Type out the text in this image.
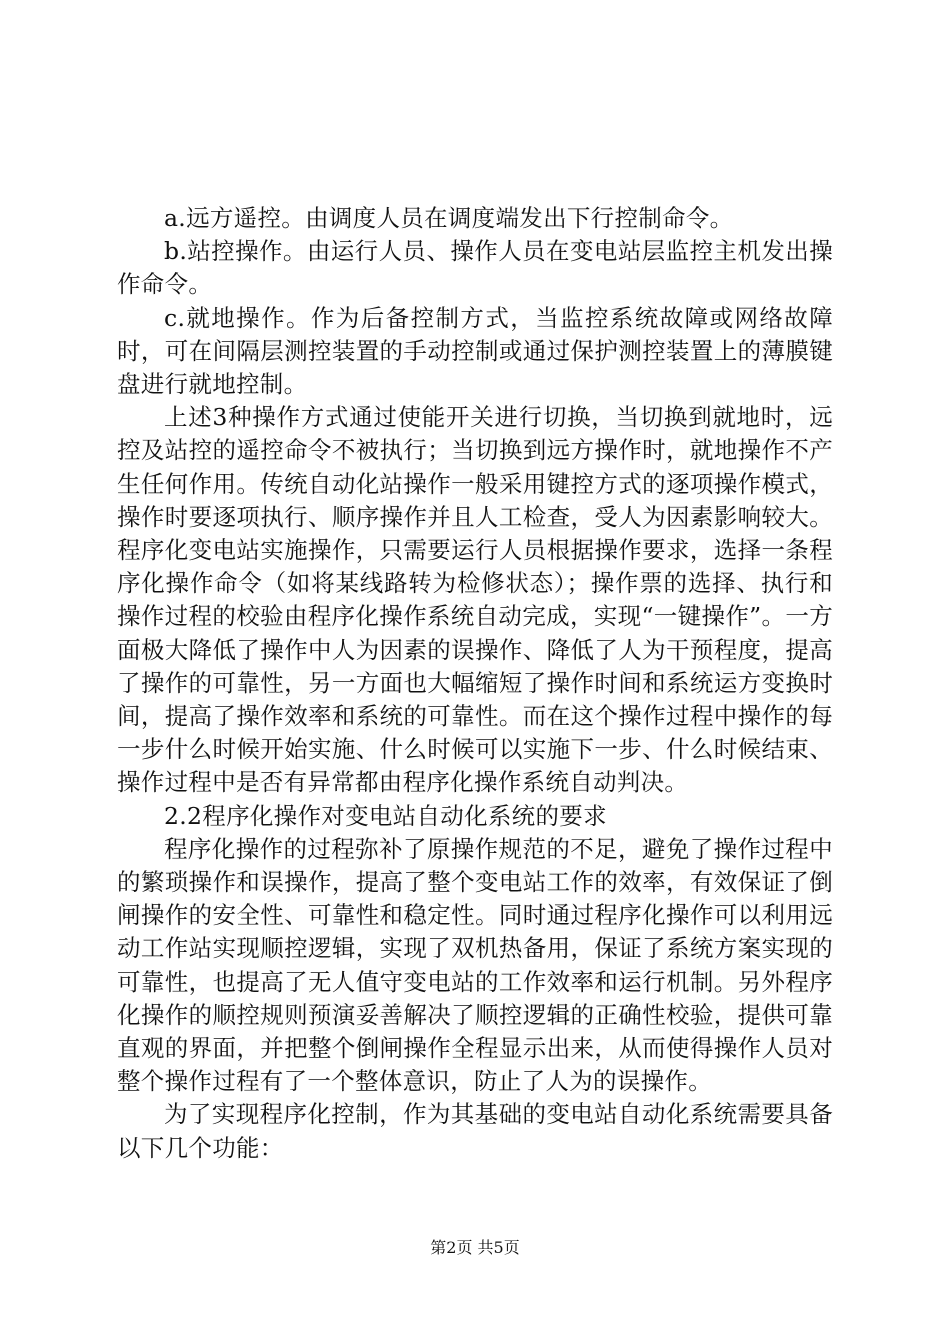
a.远方遥控。由调度人员在调度端发出下行控制命令。

b.站控操作。由运行人员、操作人员在变电站层监控主机发出操作命令。

c.就地操作。作为后备控制方式，当监控系统故障或网络故障时，可在间隔层测控装置的手动控制或通过保护测控装置上的薄膜键盘进行就地控制。

上述3种操作方式通过使能开关进行切换，当切换到就地时，远控及站控的遥控命令不被执行；当切换到远方操作时，就地操作不产生任何作用。传统自动化站操作一般采用键控方式的逐项操作模式，操作时要逐项执行、顺序操作并且人工检查，受人为因素影响较大。程序化变电站实施操作，只需要运行人员根据操作要求，选择一条程序化操作命令（如将某线路转为检修状态）；操作票的选择、执行和操作过程的校验由程序化操作系统自动完成，实现“一键操作”。一方面极大降低了操作中人为因素的误操作、降低了人为干预程度，提高了操作的可靠性，另一方面也大幅缩短了操作时间和系统运方变换时间，提高了操作效率和系统的可靠性。而在这个操作过程中操作的每一步什么时候开始实施、什么时候可以实施下一步、什么时候结束、操作过程中是否有异常都由程序化操作系统自动判决。

2.2程序化操作对变电站自动化系统的要求

程序化操作的过程弥补了原操作规范的不足，避免了操作过程中的繁琐操作和误操作，提高了整个变电站工作的效率，有效保证了倒闸操作的安全性、可靠性和稳定性。同时通过程序化操作可以利用远动工作站实现顺控逻辑，实现了双机热备用，保证了系统方案实现的可靠性，也提高了无人值守变电站的工作效率和运行机制。另外程序化操作的顺控规则预演妥善解决了顺控逻辑的正确性校验，提供可靠直观的界面，并把整个倒闸操作全程显示出来，从而使得操作人员对整个操作过程有了一个整体意识，防止了人为的误操作。

为了实现程序化控制，作为其基础的变电站自动化系统需要具备以下几个功能：

第2页 共5页
